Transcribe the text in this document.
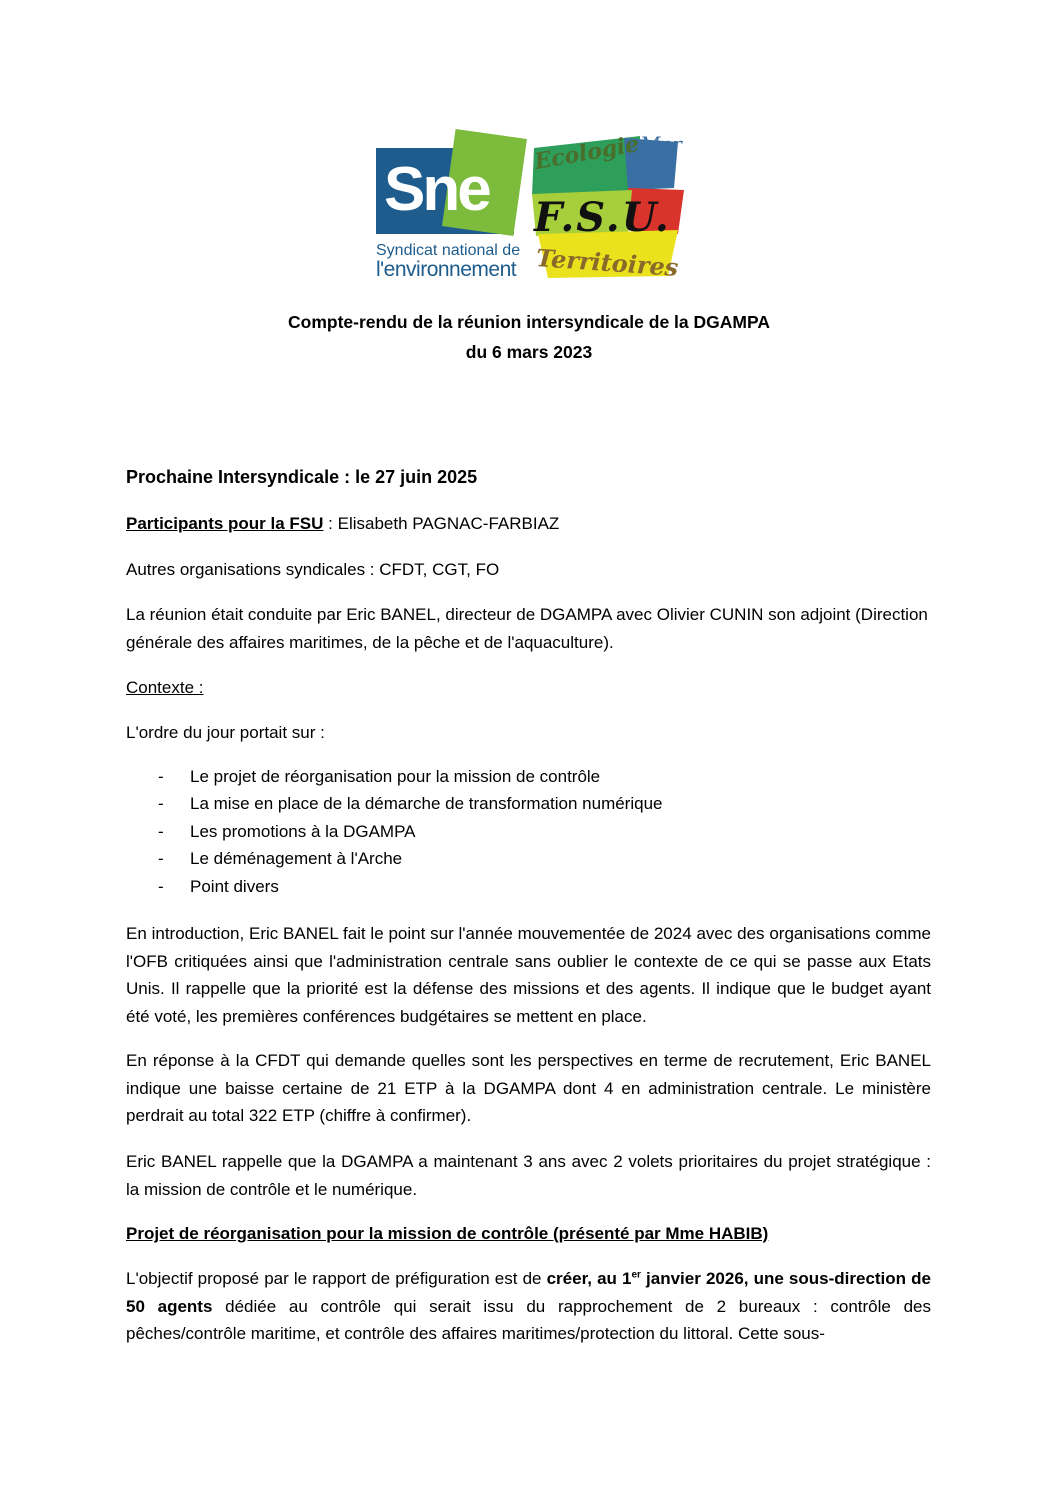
Sne
Syndicat national de
l'environnement
Ecologie
Mer
F.S.U.
Territoires
Compte-rendu de la réunion intersyndicale de la DGAMPA
du 6 mars 2023

Prochaine Intersyndicale : le 27 juin 2025

Participants pour la FSU : Elisabeth PAGNAC-FARBIAZ

Autres organisations syndicales : CFDT, CGT, FO

La réunion était conduite par Eric BANEL, directeur de DGAMPA avec Olivier CUNIN son adjoint (Direction générale des affaires maritimes, de la pêche et de l'aquaculture).

Contexte :

L'ordre du jour portait sur :

- Le projet de réorganisation pour la mission de contrôle
- La mise en place de la démarche de transformation numérique
- Les promotions à la DGAMPA
- Le déménagement à l'Arche
- Point divers

En introduction, Eric BANEL fait le point sur l'année mouvementée de 2024 avec des organisations comme l'OFB critiquées ainsi que l'administration centrale sans oublier le contexte de ce qui se passe aux Etats Unis. Il rappelle que la priorité est la défense des missions et des agents. Il indique que le budget ayant été voté, les premières conférences budgétaires se mettent en place.

En réponse à la CFDT qui demande quelles sont les perspectives en terme de recrutement, Eric BANEL indique une baisse certaine de 21 ETP à la DGAMPA dont 4 en administration centrale. Le ministère perdrait au total 322 ETP (chiffre à confirmer).

Eric BANEL rappelle que la DGAMPA a maintenant 3 ans avec 2 volets prioritaires du projet stratégique : la mission de contrôle et le numérique.

Projet de réorganisation pour la mission de contrôle (présenté par Mme HABIB)

L'objectif proposé par le rapport de préfiguration est de créer, au 1er janvier 2026, une sous-direction de 50 agents dédiée au contrôle qui serait issu du rapprochement de 2 bureaux : contrôle des pêches/contrôle maritime, et contrôle des affaires maritimes/protection du littoral. Cette sous-
